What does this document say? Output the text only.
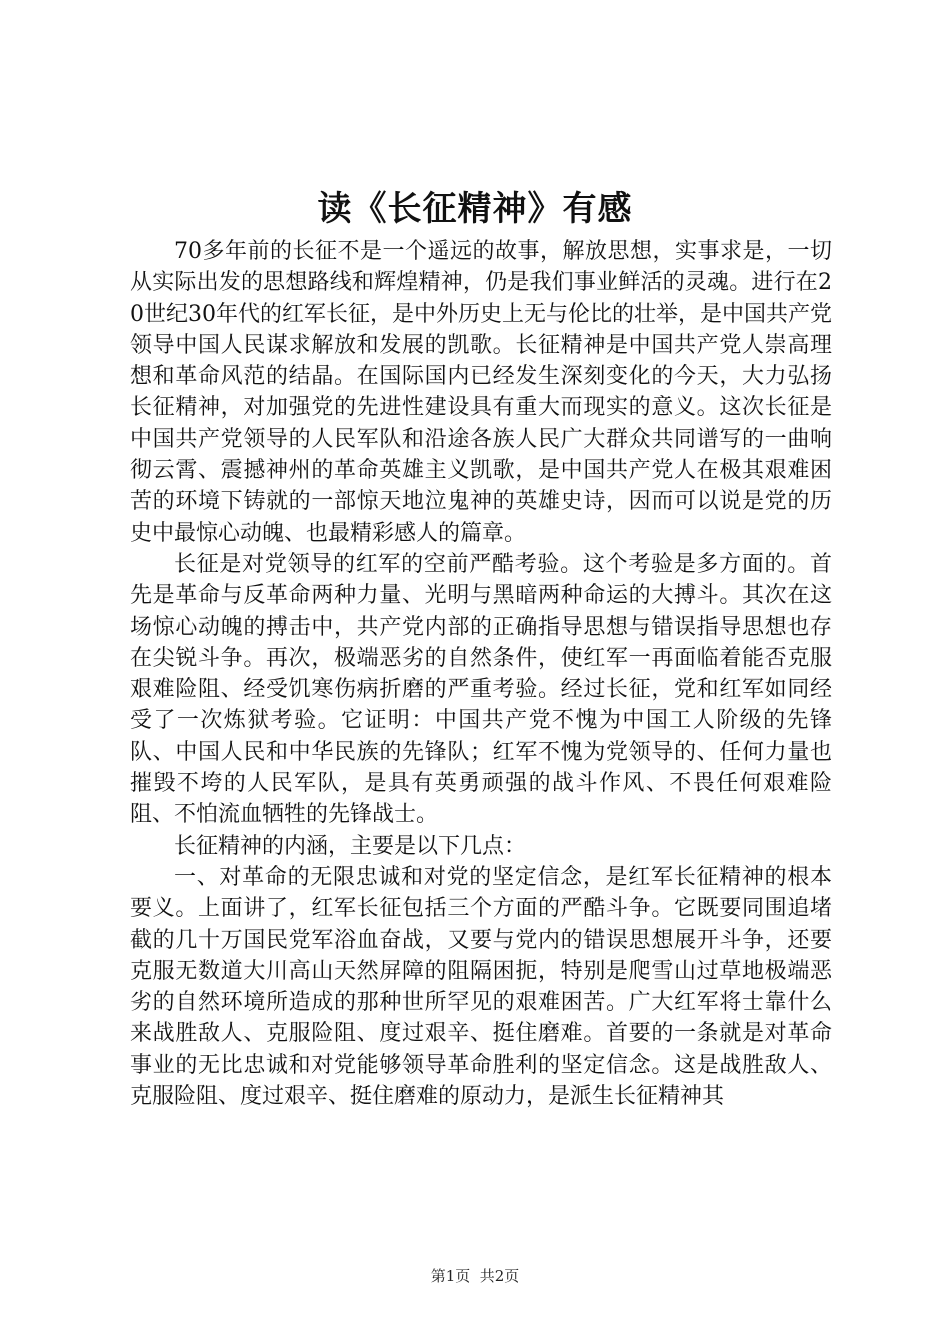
读《长征精神》有感

70多年前的长征不是一个遥远的故事，解放思想，实事求是，一切从实际出发的思想路线和辉煌精神，仍是我们事业鲜活的灵魂。进行在20世纪30年代的红军长征，是中外历史上无与伦比的壮举，是中国共产党领导中国人民谋求解放和发展的凯歌。长征精神是中国共产党人崇高理想和革命风范的结晶。在国际国内已经发生深刻变化的今天，大力弘扬长征精神，对加强党的先进性建设具有重大而现实的意义。这次长征是中国共产党领导的人民军队和沿途各族人民广大群众共同谱写的一曲响彻云霄、震撼神州的革命英雄主义凯歌，是中国共产党人在极其艰难困苦的环境下铸就的一部惊天地泣鬼神的英雄史诗，因而可以说是党的历史中最惊心动魄、也最精彩感人的篇章。

长征是对党领导的红军的空前严酷考验。这个考验是多方面的。首先是革命与反革命两种力量、光明与黑暗两种命运的大搏斗。其次在这场惊心动魄的搏击中，共产党内部的正确指导思想与错误指导思想也存在尖锐斗争。再次，极端恶劣的自然条件，使红军一再面临着能否克服艰难险阻、经受饥寒伤病折磨的严重考验。经过长征，党和红军如同经受了一次炼狱考验。它证明：中国共产党不愧为中国工人阶级的先锋队、中国人民和中华民族的先锋队；红军不愧为党领导的、任何力量也摧毁不垮的人民军队，是具有英勇顽强的战斗作风、不畏任何艰难险阻、不怕流血牺牲的先锋战士。

长征精神的内涵，主要是以下几点：

一、对革命的无限忠诚和对党的坚定信念，是红军长征精神的根本要义。上面讲了，红军长征包括三个方面的严酷斗争。它既要同围追堵截的几十万国民党军浴血奋战，又要与党内的错误思想展开斗争，还要克服无数道大川高山天然屏障的阻隔困扼，特别是爬雪山过草地极端恶劣的自然环境所造成的那种世所罕见的艰难困苦。广大红军将士靠什么来战胜敌人、克服险阻、度过艰辛、挺住磨难。首要的一条就是对革命事业的无比忠诚和对党能够领导革命胜利的坚定信念。这是战胜敌人、克服险阻、度过艰辛、挺住磨难的原动力，是派生长征精神其

第1页  共2页
